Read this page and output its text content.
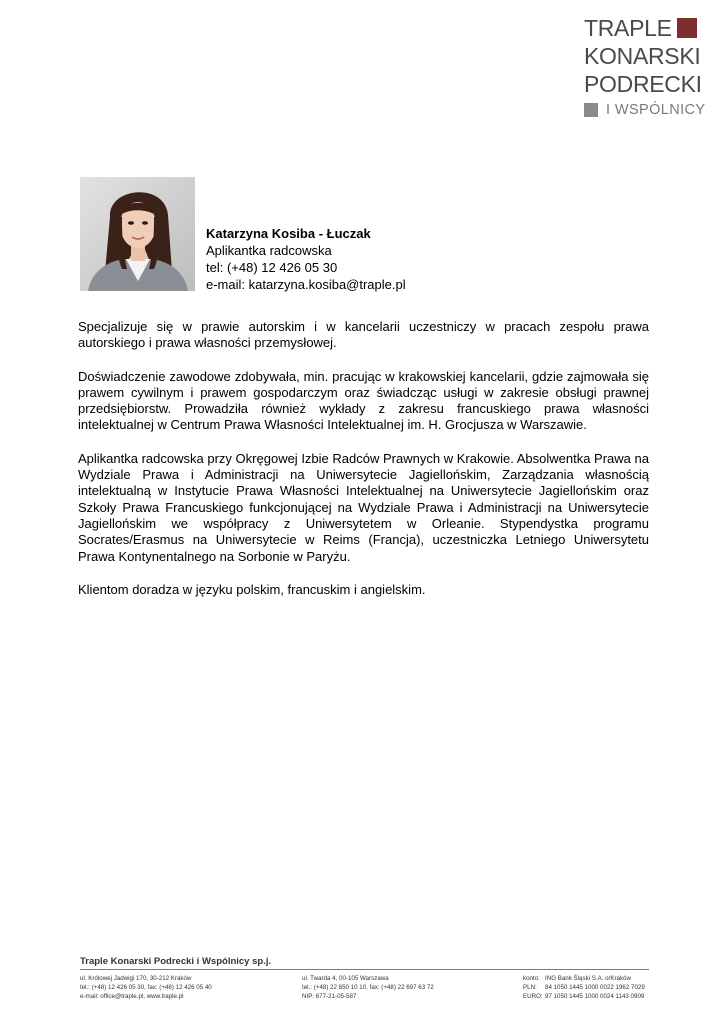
TRAPLE
KONARSKI
PODRECKI
I WSPÓLNICY
Katarzyna Kosiba - Łuczak
Aplikantka radcowska
tel: (+48) 12 426 05 30
e-mail: katarzyna.kosiba@traple.pl

Specjalizuje się w prawie autorskim i w kancelarii uczestniczy w pracach zespołu prawa autorskiego i prawa własności przemysłowej.

Doświadczenie zawodowe zdobywała, min. pracując w krakowskiej kancelarii, gdzie zajmowała się prawem cywilnym i prawem gospodarczym oraz świadcząc usługi w zakresie obsługi prawnej przedsiębiorstw. Prowadziła również wykłady z zakresu francuskiego prawa własności intelektualnej w Centrum Prawa Własności Intelektualnej im. H. Grocjusza w Warszawie.

Aplikantka radcowska przy Okręgowej Izbie Radców Prawnych w Krakowie. Absolwentka Prawa na Wydziale Prawa i Administracji na Uniwersytecie Jagiellońskim, Zarządzania własnością intelektualną w Instytucie Prawa Własności Intelektualnej na Uniwersytecie Jagiellońskim oraz Szkoły Prawa Francuskiego funkcjonującej na Wydziale Prawa i Administracji na Uniwersytecie Jagiellońskim we współpracy z Uniwersytetem w Orleanie. Stypendystka programu Socrates/Erasmus na Uniwersytecie w Reims (Francja), uczestniczka Letniego Uniwersytetu Prawa Kontynentalnego na Sorbonie w Paryżu.

Klientom doradza w języku polskim, francuskim i angielskim.

Traple Konarski Podrecki i Wspólnicy sp.j.
ul. Królowej Jadwigi 170, 30-212 Kraków
tel.: (+48) 12 426 05 30, fax: (+48) 12 426 05 40
e-mail: office@traple.pl, www.traple.pl
ul. Twarda 4, 00-105 Warszawa
tel.: (+48) 22 850 10 10, fax: (+48) 22 697 63 72
NIP: 677-21-05-587
konto: ING Bank Śląski S.A. o/Kraków
PLN:	84 1050 1445 1000 0022 1962 7029
EURO: 97 1050 1445 1000 0024 1143 0909
